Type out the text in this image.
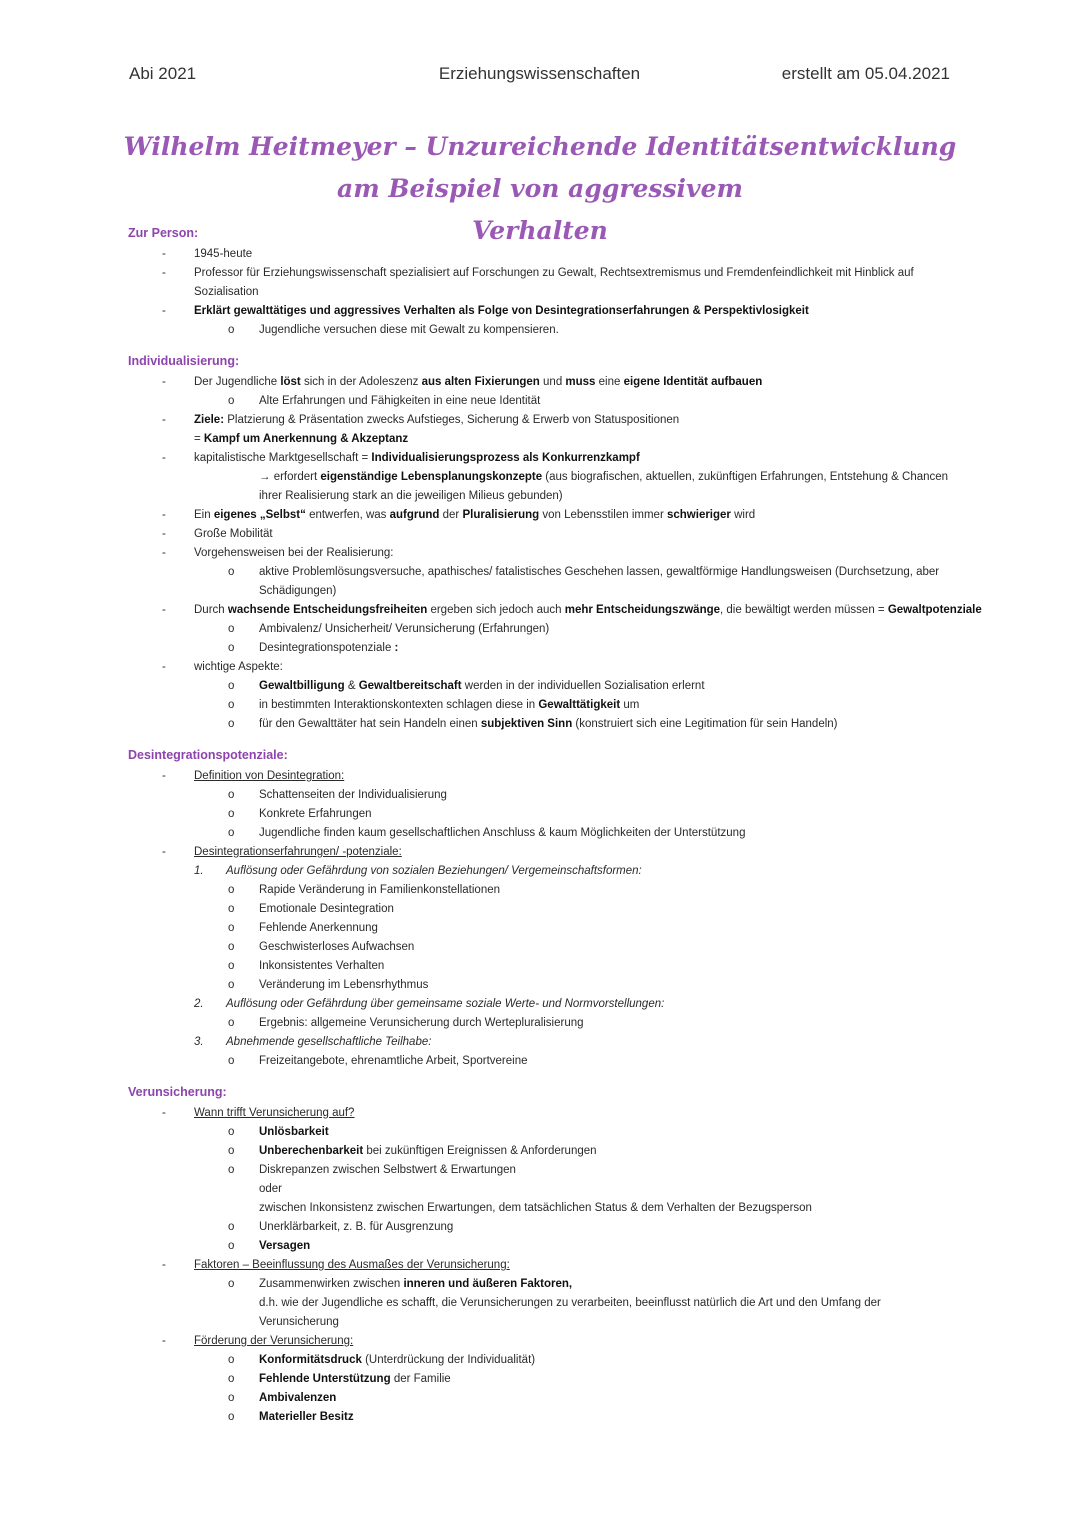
Abi 2021	Erziehungswissenschaften	erstellt am 05.04.2021
Wilhelm Heitmeyer – Unzureichende Identitätsentwicklung am Beispiel von aggressivem
Verhalten
Zur Person:
- 1945-heute
- Professor für Erziehungswissenschaft spezialisiert auf Forschungen zu Gewalt, Rechtsextremismus und Fremdenfeindlichkeit mit Hinblick auf
Sozialisation
- Erklärt gewalttätiges und aggressives Verhalten als Folge von Desintegrationserfahrungen & Perspektivlosigkeit
o Jugendliche versuchen diese mit Gewalt zu kompensieren.
Individualisierung:
- Der Jugendliche löst sich in der Adoleszenz aus alten Fixierungen und muss eine eigene Identität aufbauen
o Alte Erfahrungen und Fähigkeiten in eine neue Identität
- Ziele: Platzierung & Präsentation zwecks Aufstieges, Sicherung & Erwerb von Statuspositionen
= Kampf um Anerkennung & Akzeptanz
- kapitalistische Marktgesellschaft = Individualisierungsprozess als Konkurrenzkampf
→ erfordert eigenständige Lebensplanungskonzepte (aus biografischen, aktuellen, zukünftigen Erfahrungen, Entstehung & Chancen
ihrer Realisierung stark an die jeweiligen Milieus gebunden)
- Ein eigenes „Selbst“ entwerfen, was aufgrund der Pluralisierung von Lebensstilen immer schwieriger wird
- Große Mobilität
- Vorgehensweisen bei der Realisierung:
o aktive Problemlösungsversuche, apathisches/ fatalistisches Geschehen lassen, gewaltförmige Handlungsweisen (Durchsetzung, aber
Schädigungen)
- Durch wachsende Entscheidungsfreiheiten ergeben sich jedoch auch mehr Entscheidungszwänge, die bewältigt werden müssen = Gewaltpotenziale
o Ambivalenz/ Unsicherheit/ Verunsicherung (Erfahrungen)
o Desintegrationspotenziale :
- wichtige Aspekte:
o Gewaltbilligung & Gewaltbereitschaft werden in der individuellen Sozialisation erlernt
o in bestimmten Interaktionskontexten schlagen diese in Gewalttätigkeit um
o für den Gewalttäter hat sein Handeln einen subjektiven Sinn (konstruiert sich eine Legitimation für sein Handeln)
Desintegrationspotenziale:
- Definition von Desintegration:
o Schattenseiten der Individualisierung
o Konkrete Erfahrungen
o Jugendliche finden kaum gesellschaftlichen Anschluss & kaum Möglichkeiten der Unterstützung
- Desintegrationserfahrungen/ -potenziale:
1. Auflösung oder Gefährdung von sozialen Beziehungen/ Vergemeinschaftsformen:
o Rapide Veränderung in Familienkonstellationen
o Emotionale Desintegration
o Fehlende Anerkennung
o Geschwisterloses Aufwachsen
o Inkonsistentes Verhalten
o Veränderung im Lebensrhythmus
2. Auflösung oder Gefährdung über gemeinsame soziale Werte- und Normvorstellungen:
o Ergebnis: allgemeine Verunsicherung durch Wertepluralisierung
3. Abnehmende gesellschaftliche Teilhabe:
o Freizeitangebote, ehrenamtliche Arbeit, Sportvereine
Verunsicherung:
- Wann trifft Verunsicherung auf?
o Unlösbarkeit
o Unberechenbarkeit bei zukünftigen Ereignissen & Anforderungen
o Diskrepanzen zwischen Selbstwert & Erwartungen
oder
zwischen Inkonsistenz zwischen Erwartungen, dem tatsächlichen Status & dem Verhalten der Bezugsperson
o Unerklärbarkeit, z. B. für Ausgrenzung
o Versagen
- Faktoren – Beeinflussung des Ausmaßes der Verunsicherung:
o Zusammenwirken zwischen inneren und äußeren Faktoren,
d.h. wie der Jugendliche es schafft, die Verunsicherungen zu verarbeiten, beeinflusst natürlich die Art und den Umfang der
Verunsicherung
- Förderung der Verunsicherung:
o Konformitätsdruck (Unterdrückung der Individualität)
o Fehlende Unterstützung der Familie
o Ambivalenzen
o Materieller Besitz
